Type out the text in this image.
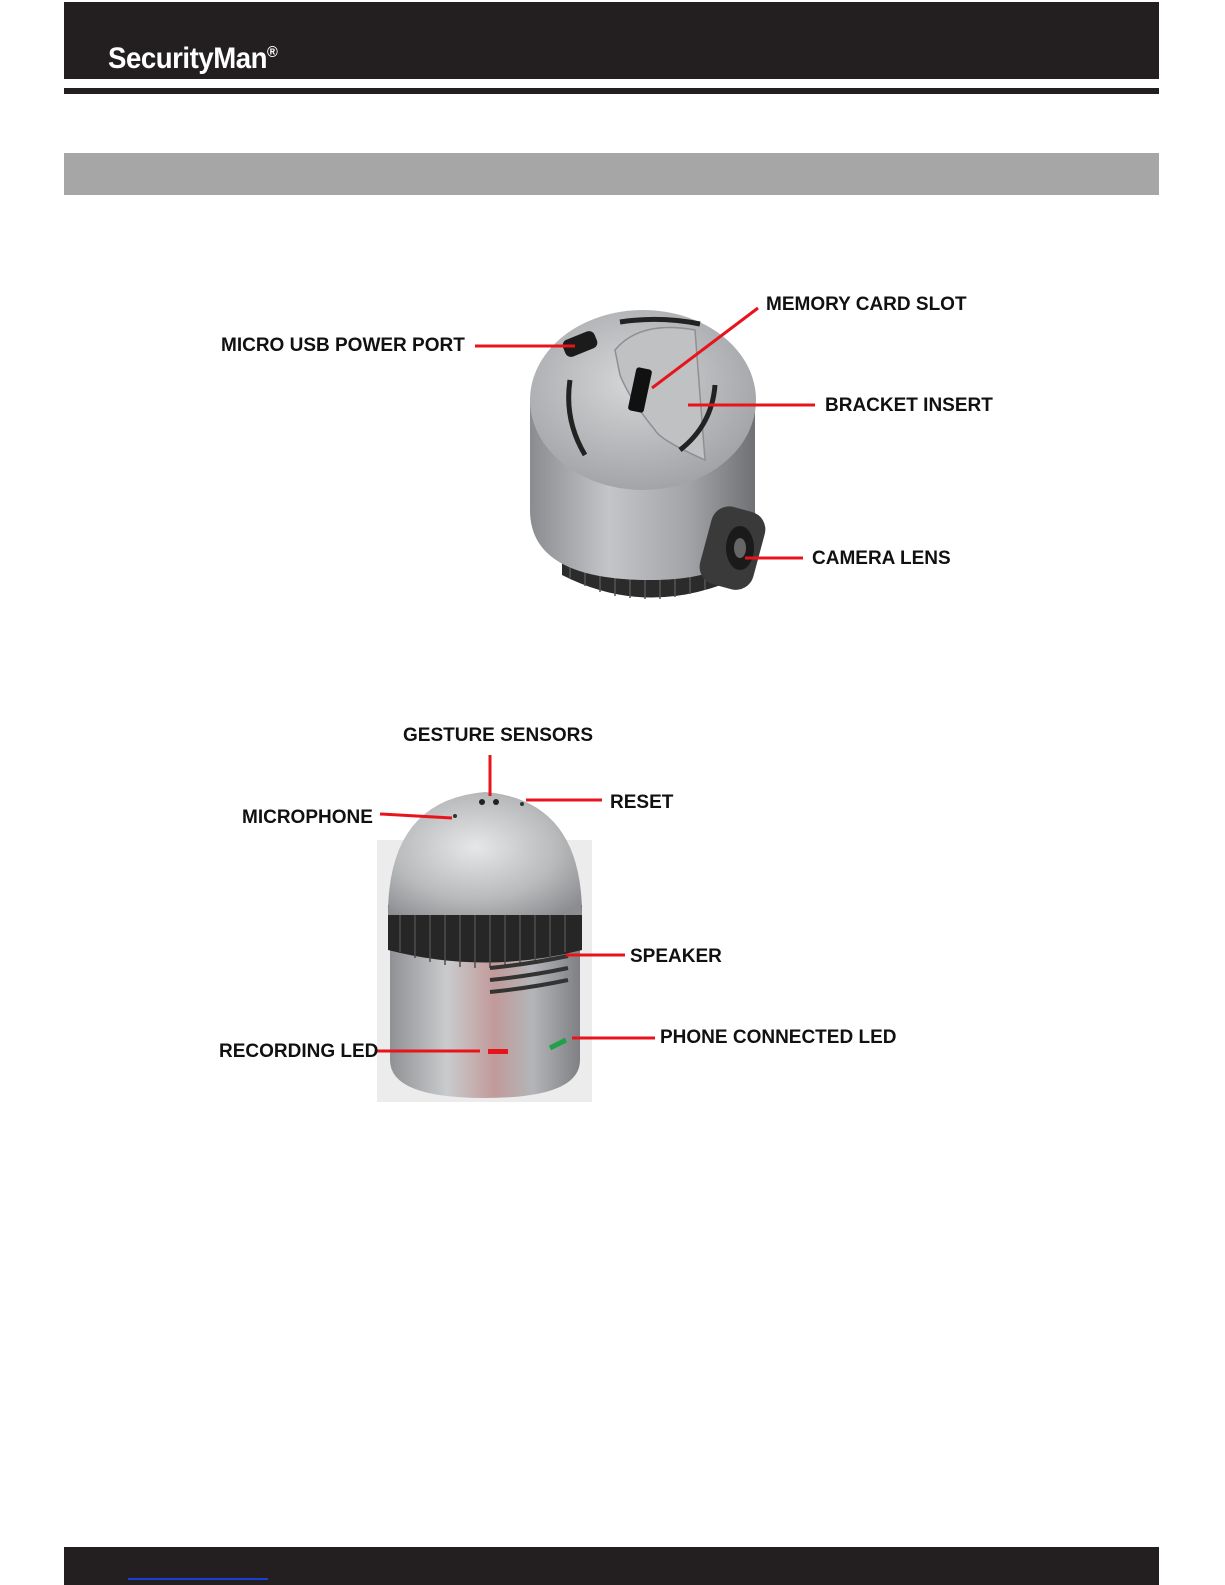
SecurityMan®
MEMORY CARD SLOT
MICRO USB POWER PORT
BRACKET INSERT
CAMERA LENS
GESTURE SENSORS
RESET
MICROPHONE
SPEAKER
RECORDING LED
PHONE CONNECTED LED
